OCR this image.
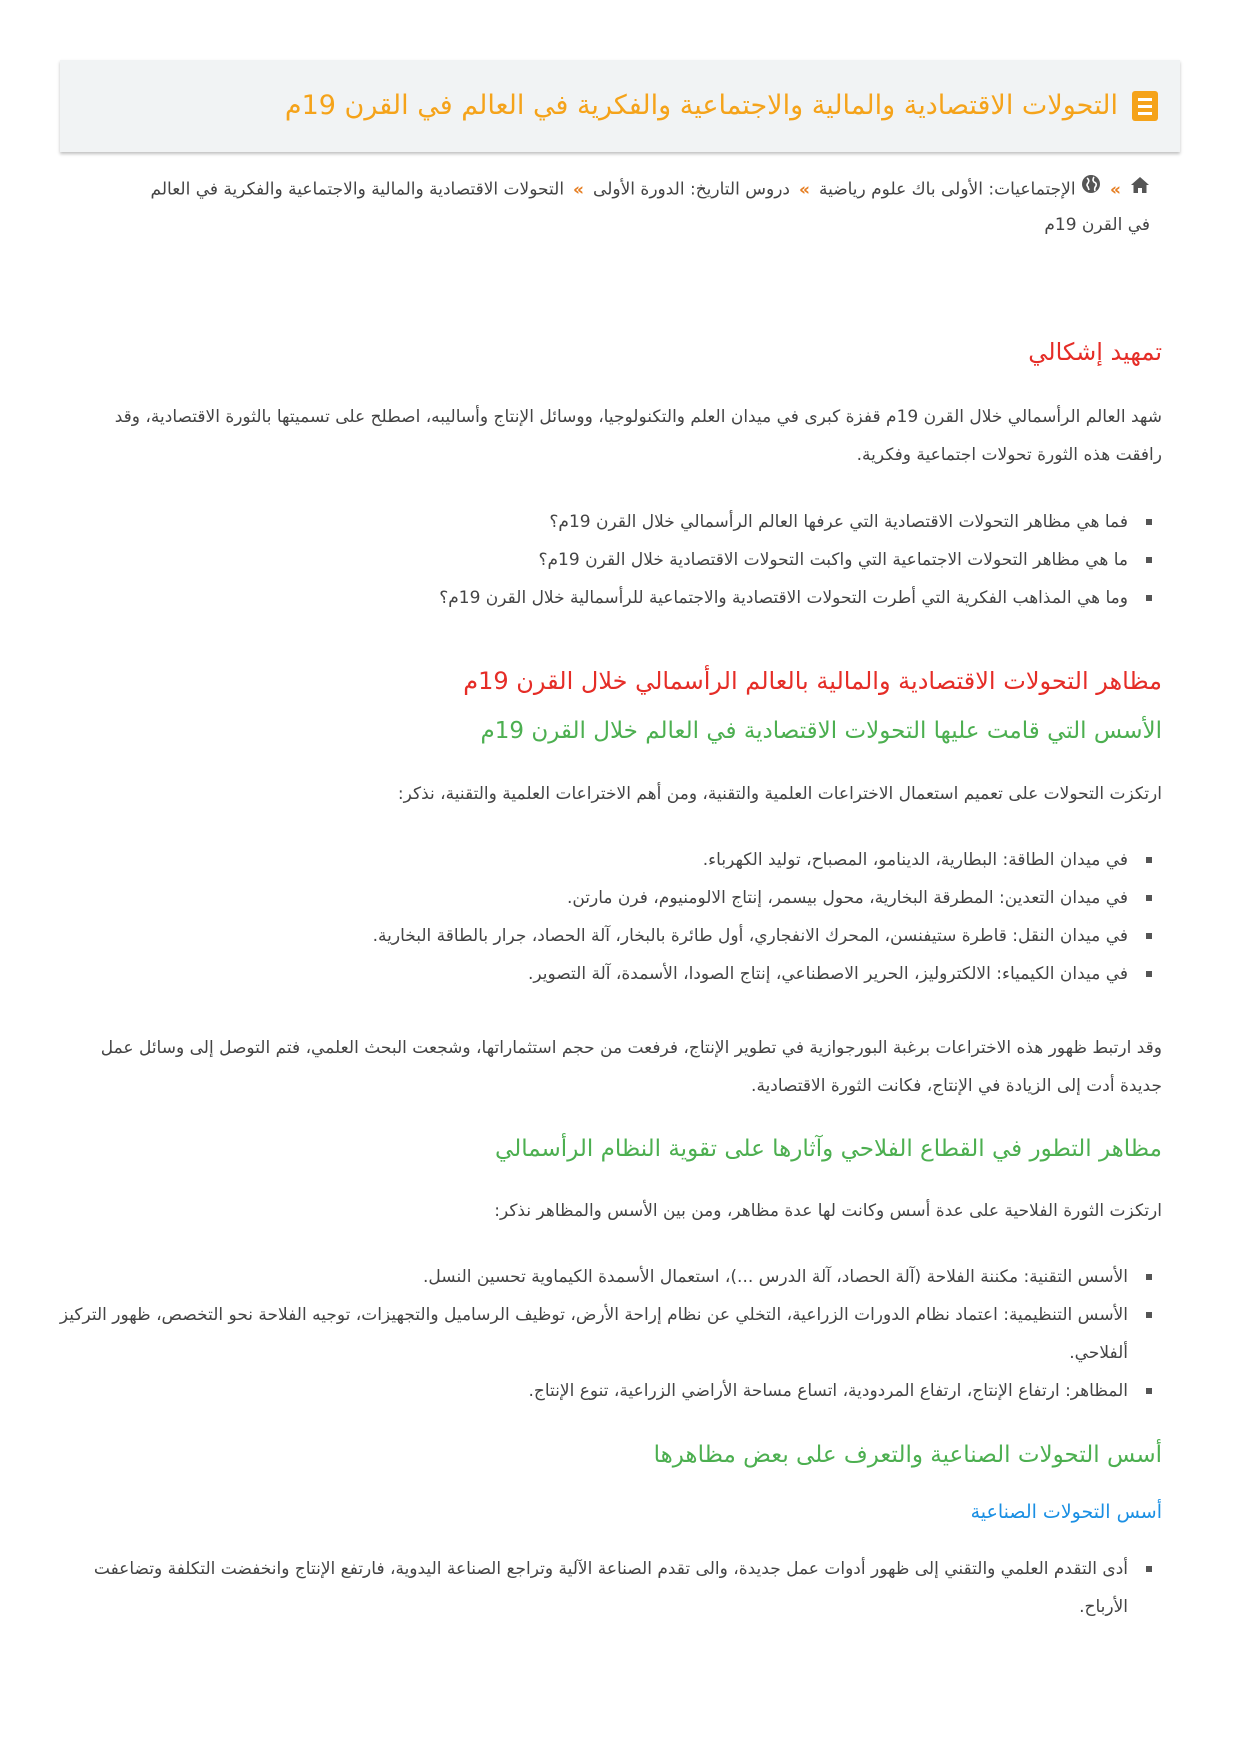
التحولات الاقتصادية والمالية والاجتماعية والفكرية في العالم في القرن 19م
» الإجتماعيات: الأولى باك علوم رياضية»دروس التاريخ: الدورة الأولى»التحولات الاقتصادية والمالية والاجتماعية والفكرية في العالم في القرن 19م
تمهيد إشكالي

شهد العالم الرأسمالي خلال القرن 19م قفزة كبرى في ميدان العلم والتكنولوجيا، ووسائل الإنتاج وأساليبه، اصطلح على تسميتها بالثورة الاقتصادية، وقد رافقت هذه الثورة تحولات اجتماعية وفكرية.

فما هي مظاهر التحولات الاقتصادية التي عرفها العالم الرأسمالي خلال القرن 19م؟
ما هي مظاهر التحولات الاجتماعية التي واكبت التحولات الاقتصادية خلال القرن 19م؟
وما هي المذاهب الفكرية التي أطرت التحولات الاقتصادية والاجتماعية للرأسمالية خلال القرن 19م؟
مظاهر التحولات الاقتصادية والمالية بالعالم الرأسمالي خلال القرن 19م
الأسس التي قامت عليها التحولات الاقتصادية في العالم خلال القرن 19م

ارتكزت التحولات على تعميم استعمال الاختراعات العلمية والتقنية، ومن أهم الاختراعات العلمية والتقنية، نذكر:

في ميدان الطاقة: البطارية، الدينامو، المصباح، توليد الكهرباء.
في ميدان التعدين: المطرقة البخارية، محول بيسمر، إنتاج الالومنيوم، فرن مارتن.
في ميدان النقل: قاطرة ستيفنسن، المحرك الانفجاري، أول طائرة بالبخار، آلة الحصاد، جرار بالطاقة البخارية.
في ميدان الكيمياء: الالكتروليز، الحرير الاصطناعي، إنتاج الصودا، الأسمدة، آلة التصوير.

وقد ارتبط ظهور هذه الاختراعات برغبة البورجوازية في تطوير الإنتاج، فرفعت من حجم استثماراتها، وشجعت البحث العلمي، فتم التوصل إلى وسائل عمل جديدة أدت إلى الزيادة في الإنتاج، فكانت الثورة الاقتصادية.

مظاهر التطور في القطاع الفلاحي وآثارها على تقوية النظام الرأسمالي

ارتكزت الثورة الفلاحية على عدة أسس وكانت لها عدة مظاهر، ومن بين الأسس والمظاهر نذكر:

الأسس التقنية: مكننة الفلاحة (آلة الحصاد، آلة الدرس ...)، استعمال الأسمدة الكيماوية تحسين النسل.
الأسس التنظيمية: اعتماد نظام الدورات الزراعية، التخلي عن نظام إراحة الأرض، توظيف الرساميل والتجهيزات، توجيه الفلاحة نحو التخصص، ظهور التركيز ألفلاحي.
المظاهر: ارتفاع الإنتاج، ارتفاع المردودية، اتساع مساحة الأراضي الزراعية، تنوع الإنتاج.
أسس التحولات الصناعية والتعرف على بعض مظاهرها
أسس التحولات الصناعية
أدى التقدم العلمي والتقني إلى ظهور أدوات عمل جديدة، والى تقدم الصناعة الآلية وتراجع الصناعة اليدوية، فارتفع الإنتاج وانخفضت التكلفة وتضاعفت الأرباح.
